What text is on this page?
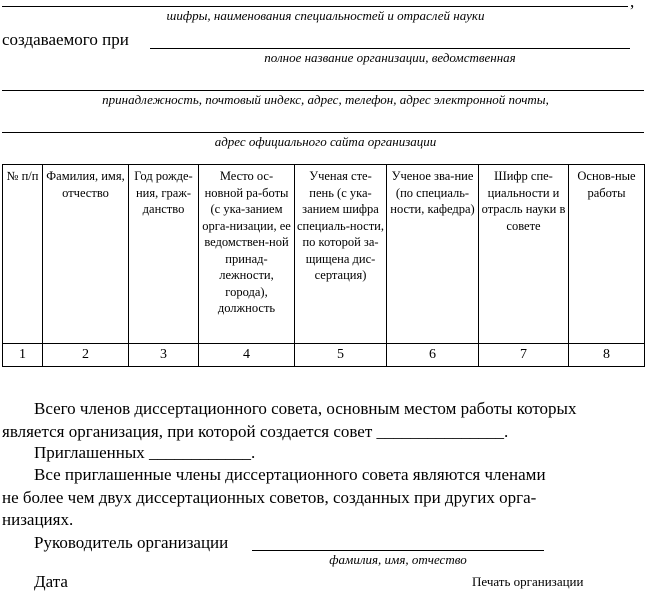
,
шифры, наименования специальностей и отраслей науки
создаваемого при
полное название организации, ведомственная
принадлежность, почтовый индекс, адрес, телефон, адрес электронной почты,
адрес официального сайта организации
№ п/п	Фамилия, имя, отчество	Год рожде-ния, граж-данство	Место ос-новной ра-боты (с ука-занием орга-низации, ее ведомствен-ной принад-лежности, города), должность	Ученая сте-пень (с ука-занием шифра специаль-ности, по которой за-щищена дис-сертация)	Ученое зва-ние (по специаль-ности, кафедра)	Шифр спе-циальности и отрасль науки в совете	Основ-ные работы
1	2	3	4	5	6	7	8
Всего членов диссертационного совета, основным местом работы которых
является организация, при которой создается совет _______________.
Приглашенных ____________.
Все приглашенные члены диссертационного совета являются членами
не более чем двух диссертационных советов, созданных при других орга-
низациях.
Руководитель организации
фамилия, имя, отчество
Дата	Печать организации
